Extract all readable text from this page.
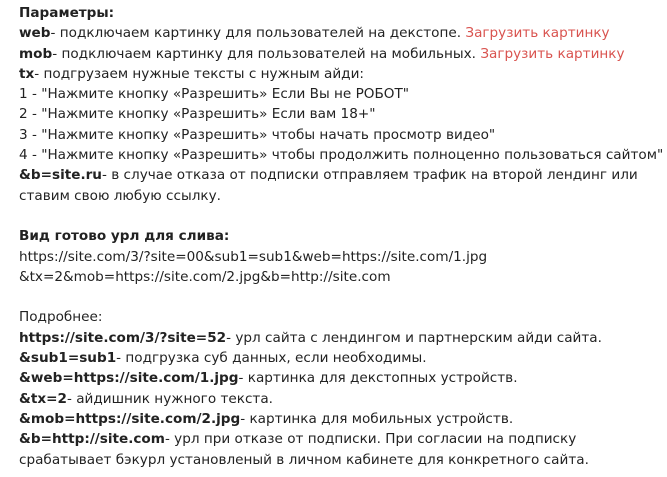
Параметры:
web- подключаем картинку для пользователей на декстопе. Загрузить картинку
mob- подключаем картинку для пользователей на мобильных. Загрузить картинку
tx- подгрузаем нужные тексты с нужным айди:
1 - "Нажмите кнопку «Разрешить» Если Вы не РОБОТ"
2 - "Нажмите кнопку «Разрешить» Если вам 18+"
3 - "Нажмите кнопку «Разрешить» чтобы начать просмотр видео"
4 - "Нажмите кнопку «Разрешить» чтобы продолжить полноценно пользоваться сайтом"
&b=site.ru- в случае отказа от подписки отправляем трафик на второй лендинг или ставим свою любую ссылку.
Вид готово урл для слива:
https://site.com/3/?site=00&sub1=sub1&web=https://site.com/1.jpg
&tx=2&mob=https://site.com/2.jpg&b=http://site.com
Подробнее:
https://site.com/3/?site=52- урл сайта с лендингом и партнерским айди сайта.
&sub1=sub1- подгрузка суб данных, если необходимы.
&web=https://site.com/1.jpg- картинка для декстопных устройств.
&tx=2- айдишник нужного текста.
&mob=https://site.com/2.jpg- картинка для мобильных устройств.
&b=http://site.com- урл при отказе от подписки. При согласии на подписку срабатывает бэкурл установленый в личном кабинете для конкретного сайта.
